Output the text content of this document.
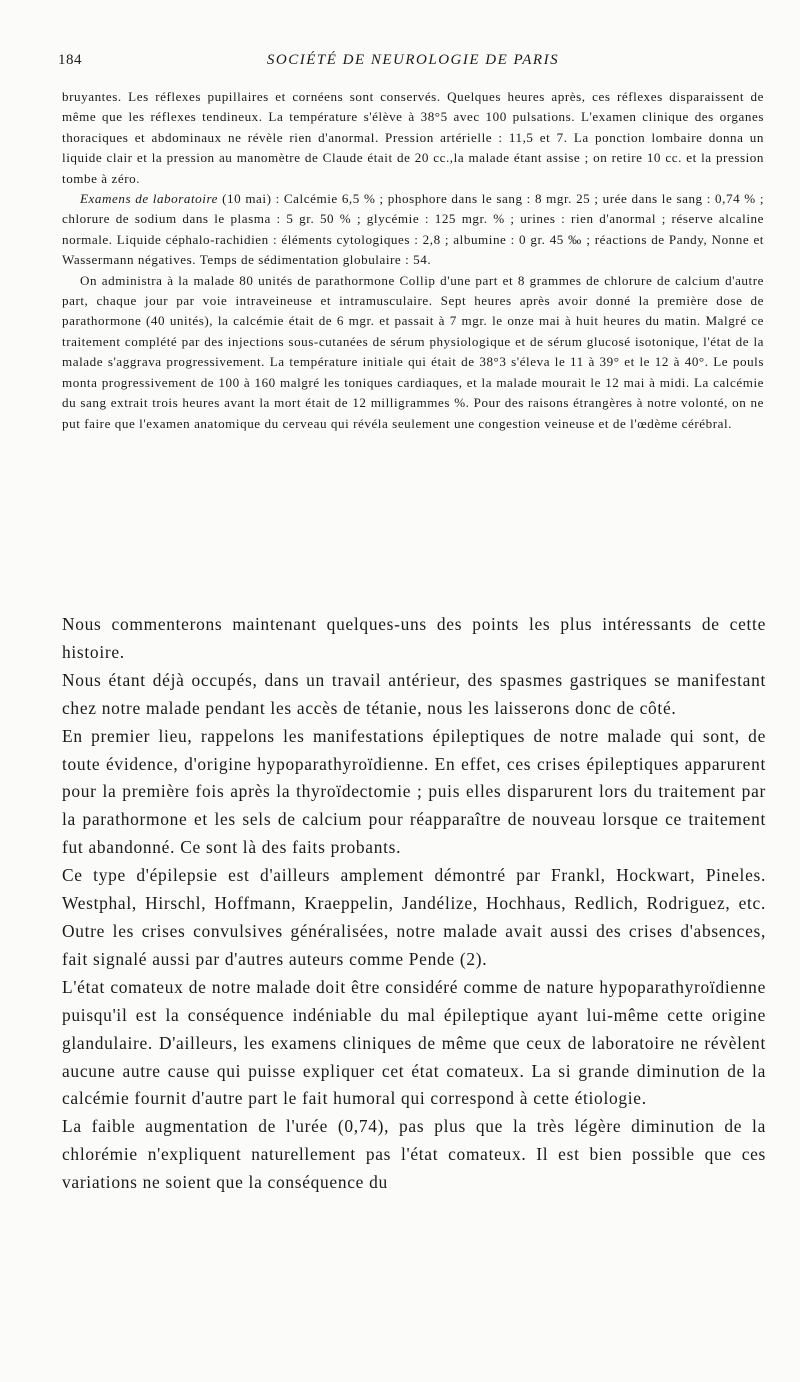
184	SOCIÉTÉ DE NEUROLOGIE DE PARIS

bruyantes. Les réflexes pupillaires et cornéens sont conservés. Quelques heures après, ces réflexes disparaissent de même que les réflexes tendineux. La température s'élève à 38°5 avec 100 pulsations. L'examen clinique des organes thoraciques et abdominaux ne révèle rien d'anormal. Pression artérielle : 11,5 et 7. La ponction lombaire donna un liquide clair et la pression au manomètre de Claude était de 20 cc.,la malade étant assise ; on retire 10 cc. et la pression tombe à zéro.

Examens de laboratoire (10 mai) : Calcémie 6,5 % ; phosphore dans le sang : 8 mgr. 25 ; urée dans le sang : 0,74 % ; chlorure de sodium dans le plasma : 5 gr. 50 % ; glycémie : 125 mgr. % ; urines : rien d'anormal ; réserve alcaline normale. Liquide céphalo-rachidien : éléments cytologiques : 2,8 ; albumine : 0 gr. 45 ‰ ; réactions de Pandy, Nonne et Wassermann négatives. Temps de sédimentation globulaire : 54.

On administra à la malade 80 unités de parathormone Collip d'une part et 8 grammes de chlorure de calcium d'autre part, chaque jour par voie intraveineuse et intramusculaire. Sept heures après avoir donné la première dose de parathormone (40 unités), la calcémie était de 6 mgr. et passait à 7 mgr. le onze mai à huit heures du matin. Malgré ce traitement complété par des injections sous-cutanées de sérum physiologique et de sérum glucosé isotonique, l'état de la malade s'aggrava progressivement. La température initiale qui était de 38°3 s'éleva le 11 à 39° et le 12 à 40°. Le pouls monta progressivement de 100 à 160 malgré les toniques cardiaques, et la malade mourait le 12 mai à midi. La calcémie du sang extrait trois heures avant la mort était de 12 milligrammes %. Pour des raisons étrangères à notre volonté, on ne put faire que l'examen anatomique du cerveau qui révéla seulement une congestion veineuse et de l'œdème cérébral.

Nous commenterons maintenant quelques-uns des points les plus intéressants de cette histoire.

Nous étant déjà occupés, dans un travail antérieur, des spasmes gastriques se manifestant chez notre malade pendant les accès de tétanie, nous les laisserons donc de côté.

En premier lieu, rappelons les manifestations épileptiques de notre malade qui sont, de toute évidence, d'origine hypoparathyroïdienne. En effet, ces crises épileptiques apparurent pour la première fois après la thyroïdectomie ; puis elles disparurent lors du traitement par la parathormone et les sels de calcium pour réapparaître de nouveau lorsque ce traitement fut abandonné. Ce sont là des faits probants.

Ce type d'épilepsie est d'ailleurs amplement démontré par Frankl, Hockwart, Pineles. Westphal, Hirschl, Hoffmann, Kraeppelin, Jandélize, Hochhaus, Redlich, Rodriguez, etc. Outre les crises convulsives généralisées, notre malade avait aussi des crises d'absences, fait signalé aussi par d'autres auteurs comme Pende (2).

L'état comateux de notre malade doit être considéré comme de nature hypoparathyroïdienne puisqu'il est la conséquence indéniable du mal épileptique ayant lui-même cette origine glandulaire. D'ailleurs, les examens cliniques de même que ceux de laboratoire ne révèlent aucune autre cause qui puisse expliquer cet état comateux. La si grande diminution de la calcémie fournit d'autre part le fait humoral qui correspond à cette étiologie.

La faible augmentation de l'urée (0,74), pas plus que la très légère diminution de la chlorémie n'expliquent naturellement pas l'état comateux. Il est bien possible que ces variations ne soient que la conséquence du
